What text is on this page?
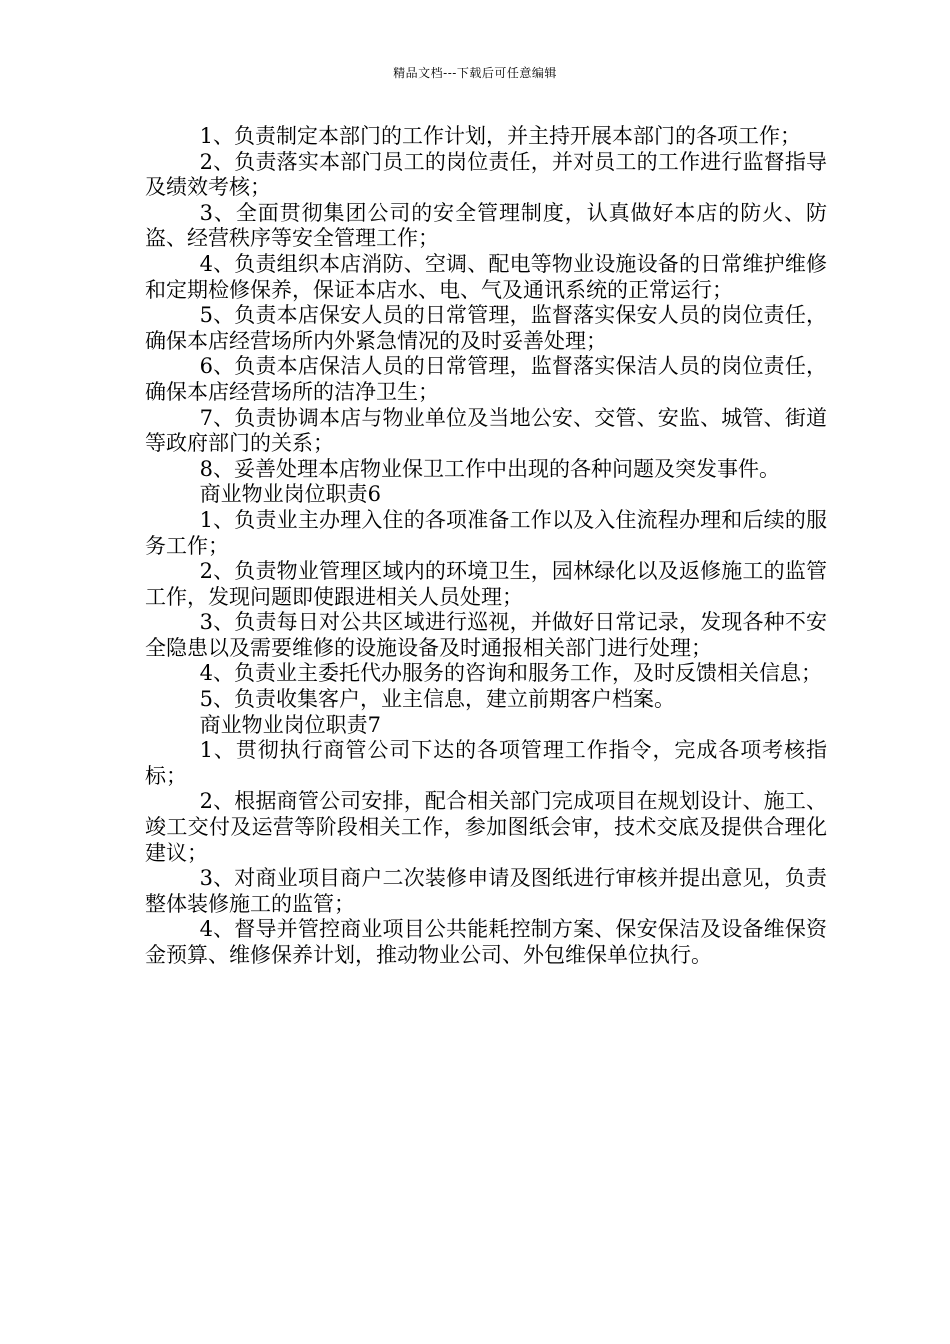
精品文档---下载后可任意编辑

1、负责制定本部门的工作计划，并主持开展本部门的各项工作；

2、负责落实本部门员工的岗位责任，并对员工的工作进行监督指导及绩效考核；

3、全面贯彻集团公司的安全管理制度，认真做好本店的防火、防盗、经营秩序等安全管理工作；

4、负责组织本店消防、空调、配电等物业设施设备的日常维护维修和定期检修保养，保证本店水、电、气及通讯系统的正常运行；

5、负责本店保安人员的日常管理，监督落实保安人员的岗位责任，确保本店经营场所内外紧急情况的及时妥善处理；

6、负责本店保洁人员的日常管理，监督落实保洁人员的岗位责任，确保本店经营场所的洁净卫生；

7、负责协调本店与物业单位及当地公安、交管、安监、城管、街道等政府部门的关系；

8、妥善处理本店物业保卫工作中出现的各种问题及突发事件。

商业物业岗位职责6

1、负责业主办理入住的各项准备工作以及入住流程办理和后续的服务工作；

2、负责物业管理区域内的环境卫生，园林绿化以及返修施工的监管工作，发现问题即使跟进相关人员处理；

3、负责每日对公共区域进行巡视，并做好日常记录，发现各种不安全隐患以及需要维修的设施设备及时通报相关部门进行处理；

4、负责业主委托代办服务的咨询和服务工作，及时反馈相关信息；

5、负责收集客户，业主信息，建立前期客户档案。

商业物业岗位职责7

1、贯彻执行商管公司下达的各项管理工作指令，完成各项考核指标；

2、根据商管公司安排，配合相关部门完成项目在规划设计、施工、竣工交付及运营等阶段相关工作，参加图纸会审，技术交底及提供合理化建议；

3、对商业项目商户二次装修申请及图纸进行审核并提出意见，负责整体装修施工的监管；

4、督导并管控商业项目公共能耗控制方案、保安保洁及设备维保资金预算、维修保养计划，推动物业公司、外包维保单位执行。
